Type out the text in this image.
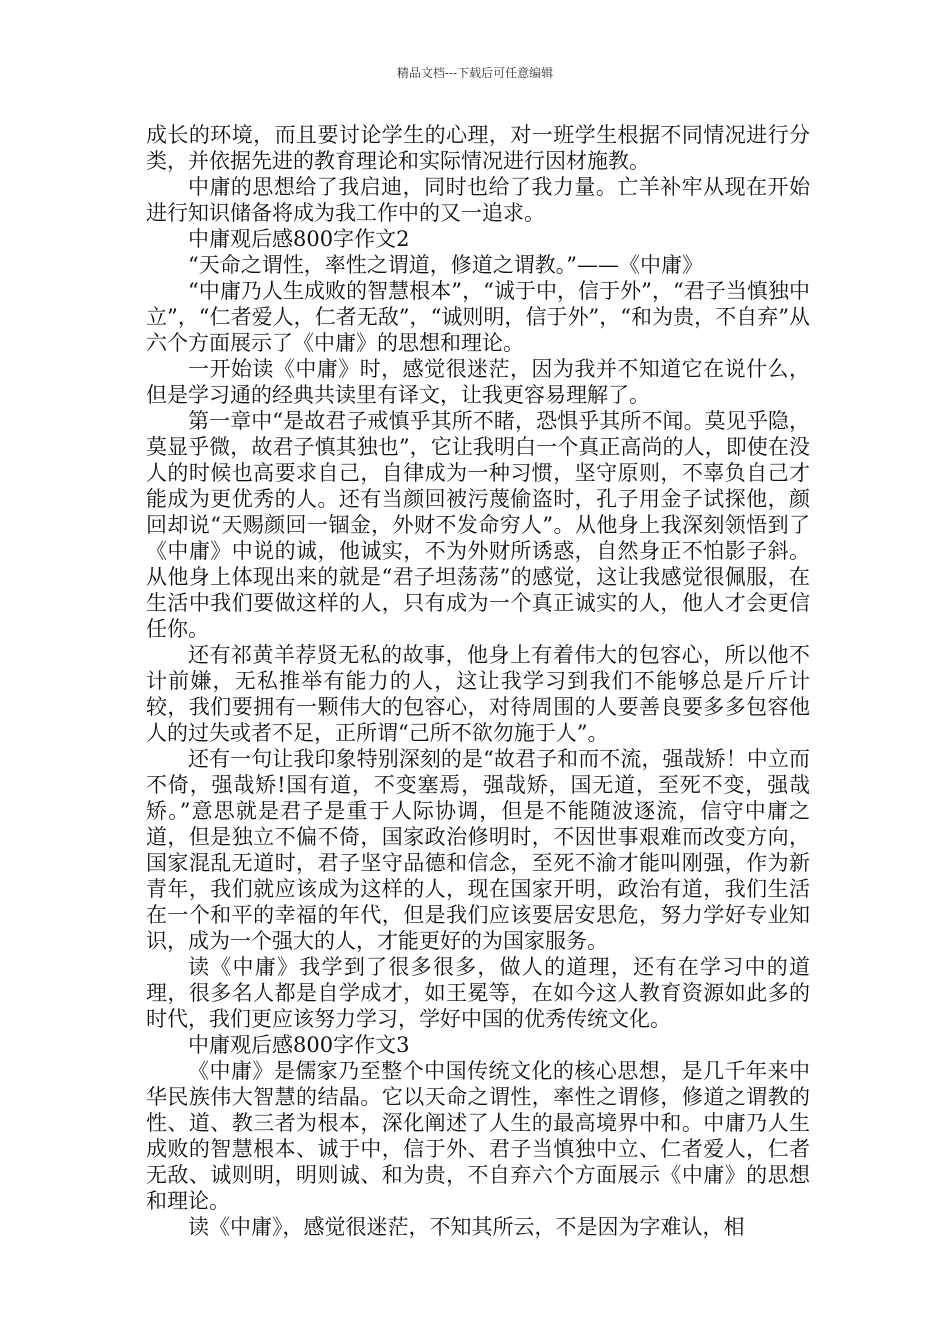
精品文档---下载后可任意编辑

成长的环境，而且要讨论学生的心理，对一班学生根据不同情况进行分类，并依据先进的教育理论和实际情况进行因材施教。

中庸的思想给了我启迪，同时也给了我力量。亡羊补牢从现在开始进行知识储备将成为我工作中的又一追求。

中庸观后感800字作文2

“天命之谓性，率性之谓道，修道之谓教。”——《中庸》

“中庸乃人生成败的智慧根本”，“诚于中，信于外”，“君子当慎独中立”，“仁者爱人，仁者无敌”，“诚则明，信于外”，“和为贵，不自弃”从六个方面展示了《中庸》的思想和理论。

一开始读《中庸》时，感觉很迷茫，因为我并不知道它在说什么，但是学习通的经典共读里有译文，让我更容易理解了。

第一章中“是故君子戒慎乎其所不睹，恐惧乎其所不闻。莫见乎隐，莫显乎微，故君子慎其独也”，它让我明白一个真正高尚的人，即使在没人的时候也高要求自己，自律成为一种习惯，坚守原则，不辜负自己才能成为更优秀的人。还有当颜回被污蔑偷盗时，孔子用金子试探他，颜回却说“天赐颜回一锢金，外财不发命穷人”。从他身上我深刻领悟到了《中庸》中说的诚，他诚实，不为外财所诱惑，自然身正不怕影子斜。从他身上体现出来的就是“君子坦荡荡”的感觉，这让我感觉很佩服，在生活中我们要做这样的人，只有成为一个真正诚实的人，他人才会更信任你。

还有祁黄羊荐贤无私的故事，他身上有着伟大的包容心，所以他不计前嫌，无私推举有能力的人，这让我学习到我们不能够总是斤斤计较，我们要拥有一颗伟大的包容心，对待周围的人要善良要多多包容他人的过失或者不足，正所谓“己所不欲勿施于人”。

还有一句让我印象特别深刻的是“故君子和而不流，强哉矫！中立而不倚，强哉矫!国有道，不变塞焉，强哉矫，国无道，至死不变，强哉矫。”意思就是君子是重于人际协调，但是不能随波逐流，信守中庸之道，但是独立不偏不倚，国家政治修明时，不因世事艰难而改变方向，国家混乱无道时，君子坚守品德和信念，至死不渝才能叫刚强，作为新青年，我们就应该成为这样的人，现在国家开明，政治有道，我们生活在一个和平的幸福的年代，但是我们应该要居安思危，努力学好专业知识，成为一个强大的人，才能更好的为国家服务。

读《中庸》我学到了很多很多，做人的道理，还有在学习中的道理，很多名人都是自学成才，如王冕等，在如今这人教育资源如此多的时代，我们更应该努力学习，学好中国的优秀传统文化。

中庸观后感800字作文3

《中庸》是儒家乃至整个中国传统文化的核心思想，是几千年来中华民族伟大智慧的结晶。它以天命之谓性，率性之谓修，修道之谓教的性、道、教三者为根本，深化阐述了人生的最高境界中和。中庸乃人生成败的智慧根本、诚于中，信于外、君子当慎独中立、仁者爱人，仁者无敌、诚则明，明则诚、和为贵，不自弃六个方面展示《中庸》的思想和理论。

读《中庸》，感觉很迷茫，不知其所云，不是因为字难认，相
